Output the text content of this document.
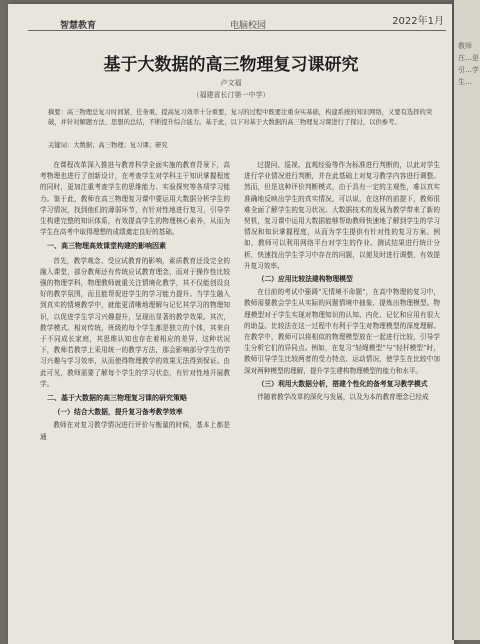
智慧教育	电脑校园	2022年1月
基于大数据的高三物理复习课研究
卢文福
（福建省长汀第一中学）
摘要：高三物理总复习时间紧、任务重，提高复习效率十分重要，复习的过程中既要注重夯实基础，构建系统的知识网络，又要有选择的突破，并针对解题方法、思想的总结，不断提升综合能力。基于此，以下对基于大数据的高三物理复习课进行了探讨，以供参考。
关键词：大数据；高三物理；复习课；研究

在课程改革深入推进与教育科学全面实施的教育背景下，高考物理也进行了创新设计，在考查学生对学科主干知识掌握程度的同时，更加注重考查学生的思维能力、实验探究等各项学习能力。鉴于此，教师在高三物理复习课中要运用大数据分析学生的学习情况，找到他们的薄弱环节，有针对性地进行复习，引导学生构建完整的知识体系，有效提高学生的物理核心素养，从而为学生在高考中取得理想的成绩奠定良好的基础。

一、高三物理高效课堂构建的影响因素

首先，教学观念、受应试教育的影响，素质教育还没完全的融入课堂，部分教师还有传统应试教育理念，而对于操作性比较强的物理学科，物理教师就重关注情境化教学，其不仅能创设良好的教学氛围，而且能帮促进学生的学习能力提升。当学生融入到真实的情境教学中，就能更清晰地理解与记忆其学习的物理知识，以促进学生学习兴趣提升，呈现出显著的教学效果。其次，教学模式。相对传统，班级的每个学生都是独立的个体，其来自于不同成长家庭，其思维认知也存在着相应的差异，这种状况下，教师若教学上采用统一的教学方法，那会影响部分学生的学习兴趣与学习效率，从而使得物理教学的效果无法得到保证。由此可见，教师需要了解每个学生的学习状态，有针对性地开展教学。

二、基于大数据的高三物理复习课的研究策略
（一）结合大数据，提升复习备考教学效率

教师在对复习教学情况进行评价与衡量的时候，基本上都是通

过提问、巡视、直观经验等作为标准进行判断的，以此对学生进行学业情况进行判断，并在此基础上对复习教学内容进行调整。然而，但是这种评价判断模式，由于具有一定的主观性，难以真实准确地反映出学生的真实情况，可以说，在这样的前提下，教师很难全面了解学生的复习状况。大数据技术的发展为教学带来了新的契机，复习课中运用大数据能够帮助教师快速地了解到学生的学习情况和知识掌握程度，从而为学生提供有针对性的复习方案。例如，教师可以利用网络平台对学生的作业、测试结果进行统计分析，快速找出学生学习中存在的问题，以便及时进行调整，有效提升复习效率。

（二）应用比较法建构物理模型

在目前的考试中强调“无情境不命题”，在高中物理的复习中，教师需要教会学生从实际的问题情境中抽象、提炼出物理模型。物理模型对于学生实现对物理知识的认知、内化、记忆和应用有很大的助益。比较法在这一过程中有利于学生对物理模型的深度理解。在教学中，教师可以将相似的物理模型放在一起进行比较，引导学生分析它们的异同点。例如，在复习“轻绳模型”与“轻杆模型”时，教师引导学生比较两者的受力特点、运动情况，使学生在比较中加深对两种模型的理解，提升学生建构物理模型的能力和水平。

（三）利用大数据分析，搭建个性化的备考复习教学模式

伴随着教学改革的深化与发展，以及为本的教育理念已经成

教师在…是引…学生…
